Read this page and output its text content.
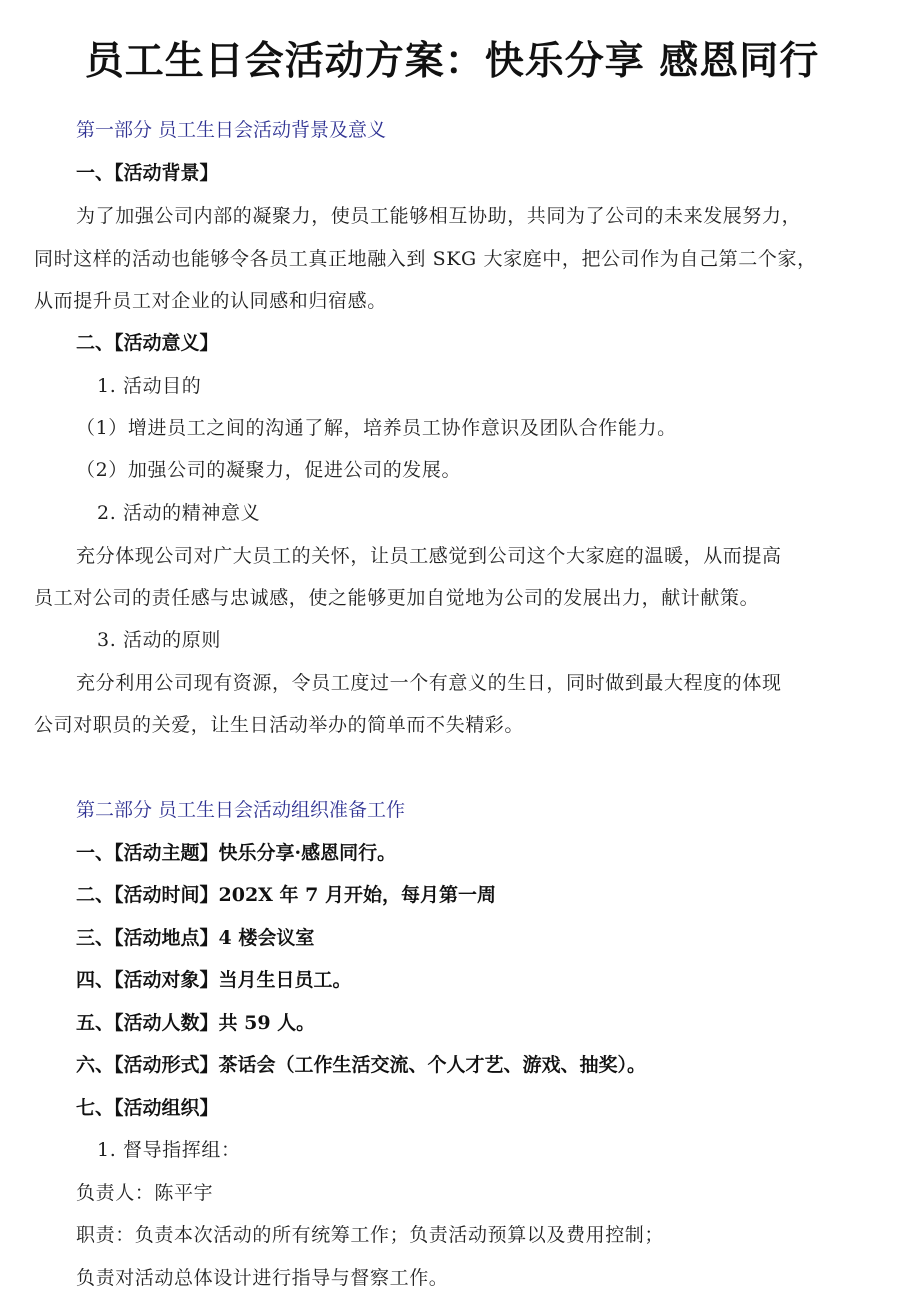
员工生日会活动方案：快乐分享 感恩同行
第一部分 员工生日会活动背景及意义
一、【活动背景】
为了加强公司内部的凝聚力，使员工能够相互协助，共同为了公司的未来发展努力，
同时这样的活动也能够令各员工真正地融入到 SKG 大家庭中，把公司作为自己第二个家，
从而提升员工对企业的认同感和归宿感。
二、【活动意义】
1. 活动目的
（1）增进员工之间的沟通了解，培养员工协作意识及团队合作能力。
（2）加强公司的凝聚力，促进公司的发展。
2. 活动的精神意义
充分体现公司对广大员工的关怀，让员工感觉到公司这个大家庭的温暖，从而提高
员工对公司的责任感与忠诚感，使之能够更加自觉地为公司的发展出力，献计献策。
3. 活动的原则
充分利用公司现有资源，令员工度过一个有意义的生日，同时做到最大程度的体现
公司对职员的关爱，让生日活动举办的简单而不失精彩。
第二部分 员工生日会活动组织准备工作
一、【活动主题】快乐分享·感恩同行。
二、【活动时间】202X 年 7 月开始，每月第一周
三、【活动地点】4 楼会议室
四、【活动对象】当月生日员工。
五、【活动人数】共 59 人。
六、【活动形式】茶话会（工作生活交流、个人才艺、游戏、抽奖）。
七、【活动组织】
1. 督导指挥组：
负责人：陈平宇
职责：负责本次活动的所有统筹工作；负责活动预算以及费用控制；
负责对活动总体设计进行指导与督察工作。
